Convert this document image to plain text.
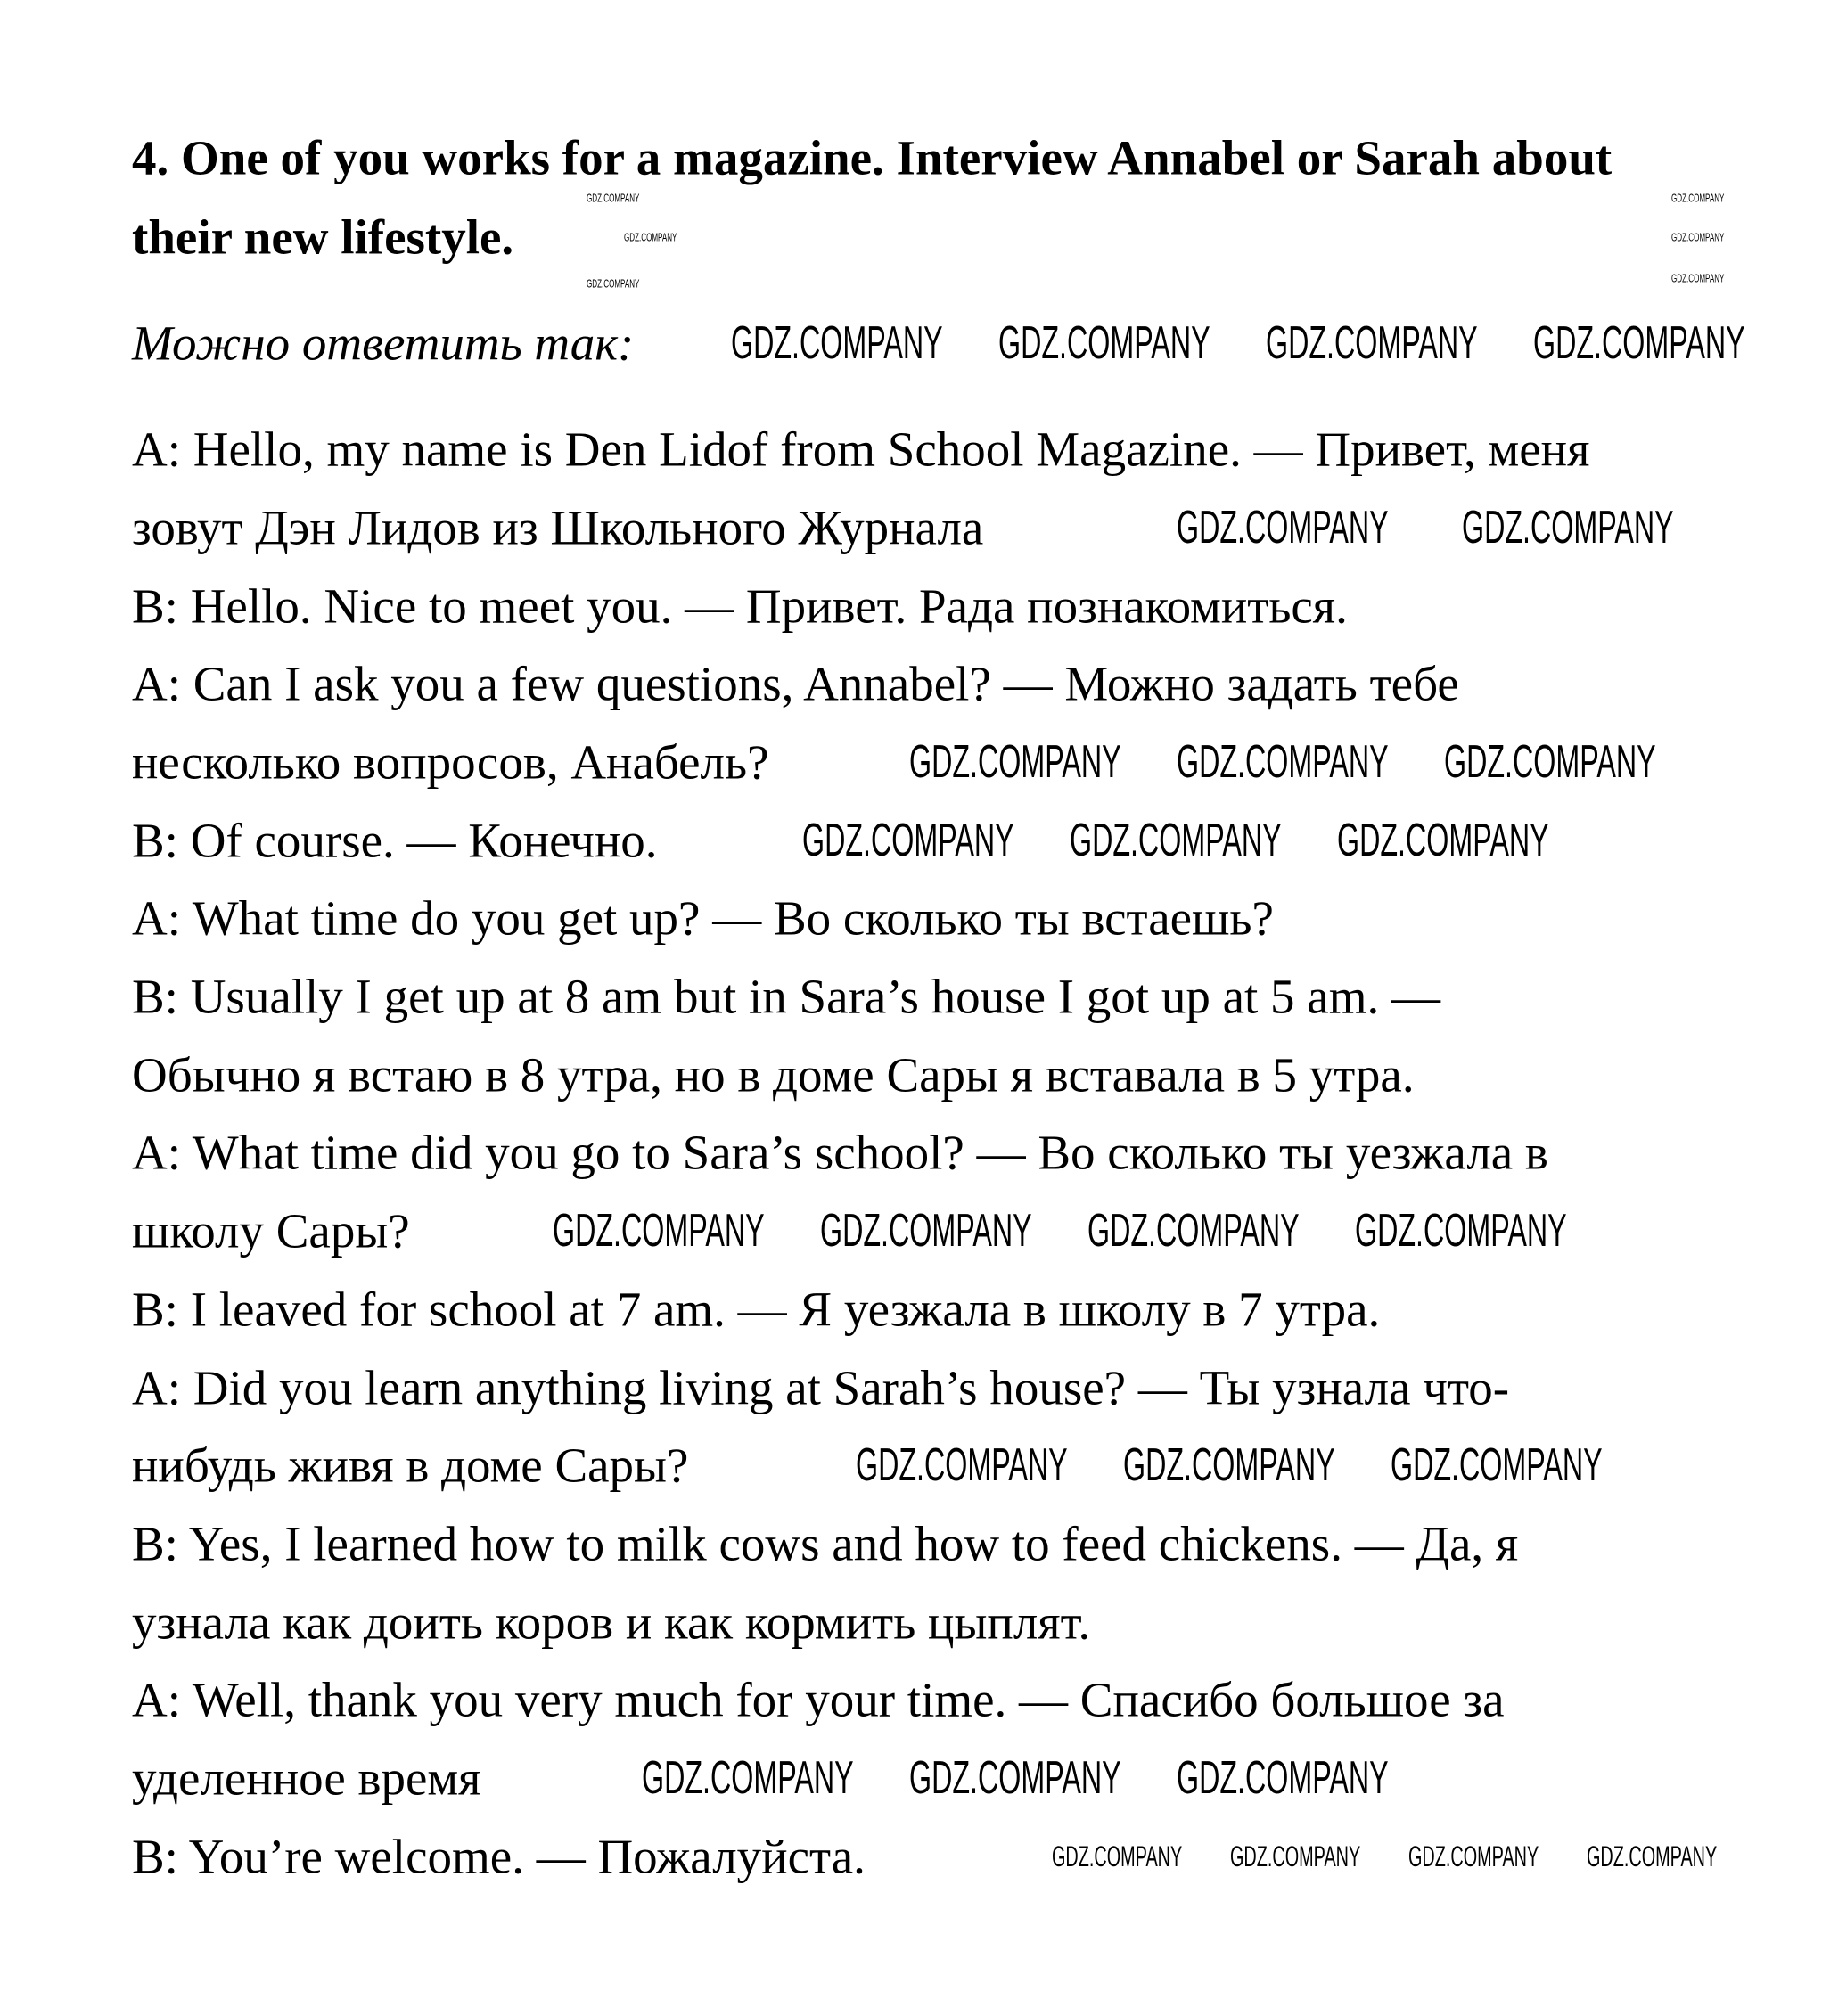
4. One of you works for a magazine. Interview Annabel or Sarah about
their new lifestyle.
Можно ответить так:
A: Hello, my name is Den Lidof from School Magazine. — Привет, меня
зовут Дэн Лидов из Школьного Журнала
B: Hello. Nice to meet you. — Привет. Рада познакомиться.
A: Can I ask you a few questions, Annabel? — Можно задать тебе
несколько вопросов, Анабель?
B: Of course. — Конечно.
A: What time do you get up? — Во сколько ты встаешь?
B: Usually I get up at 8 am but in Sara’s house I got up at 5 am. —
Обычно я встаю в 8 утра, но в доме Сары я вставала в 5 утра.
A: What time did you go to Sara’s school? — Во сколько ты уезжала в
школу Сары?
B: I leaved for school at 7 am. — Я уезжала в школу в 7 утра.
A: Did you learn anything living at Sarah’s house? — Ты узнала что-
нибудь живя в доме Сары?
B: Yes, I learned how to milk cows and how to feed chickens. — Да, я
узнала как доить коров и как кормить цыплят.
A: Well, thank you very much for your time. — Спасибо большое за
уделенное время
B: You’re welcome. — Пожалуйста.
GDZ.COMPANY GDZ.COMPANY GDZ.COMPANY GDZ.COMPANY
GDZ.COMPANY GDZ.COMPANY
GDZ.COMPANY GDZ.COMPANY GDZ.COMPANY
GDZ.COMPANY GDZ.COMPANY GDZ.COMPANY
GDZ.COMPANY GDZ.COMPANY GDZ.COMPANY GDZ.COMPANY
GDZ.COMPANY GDZ.COMPANY GDZ.COMPANY
GDZ.COMPANY GDZ.COMPANY GDZ.COMPANY
GDZ.COMPANY GDZ.COMPANY GDZ.COMPANY GDZ.COMPANY
GDZ.COMPANY
GDZ.COMPANY
GDZ.COMPANY
GDZ.COMPANY
GDZ.COMPANY
GDZ.COMPANY
